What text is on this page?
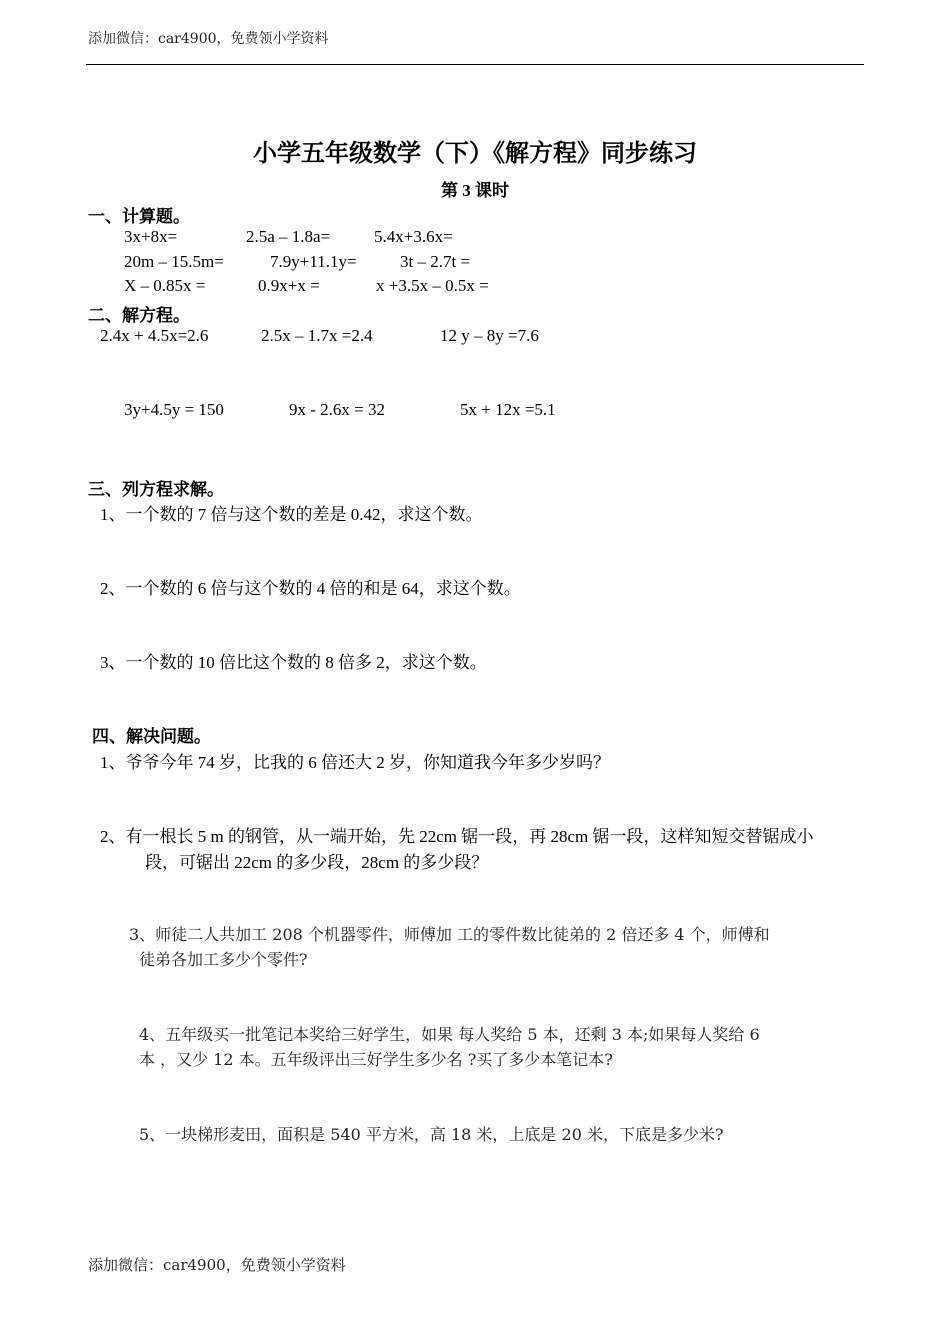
添加微信：car4900，免费领小学资料
小学五年级数学（下）《解方程》同步练习
第 3 课时
一、计算题。
3x+8x=	2.5a – 1.8a=	5.4x+3.6x=
20m – 15.5m=	7.9y+11.1y=	3t – 2.7t =
X – 0.85x =	0.9x+x =	x +3.5x – 0.5x =
二、解方程。
2.4x + 4.5x=2.6	2.5x – 1.7x =2.4	12 y – 8y =7.6
3y+4.5y = 150	9x - 2.6x = 32	5x + 12x =5.1
三、列方程求解。
1、一个数的 7 倍与这个数的差是 0.42，求这个数。
2、一个数的 6 倍与这个数的 4 倍的和是 64，求这个数。
3、一个数的 10 倍比这个数的 8 倍多 2，求这个数。
四、解决问题。
1、爷爷今年 74 岁，比我的 6 倍还大 2 岁，你知道我今年多少岁吗？
2、有一根长 5 m 的钢管，从一端开始，先 22cm 锯一段，再 28cm 锯一段，这样知短交替锯成小
段，可锯出 22cm 的多少段，28cm 的多少段？
3、师徒二人共加工 208 个机器零件，师傅加 工的零件数比徒弟的 2 倍还多 4 个，师傅和
徒弟各加工多少个零件?
4、五年级买一批笔记本奖给三好学生，如果 每人奖给 5 本，还剩 3 本;如果每人奖给 6
本 ，又少 12 本。五年级评出三好学生多少名 ?买了多少本笔记本?
5、一块梯形麦田，面积是 540 平方米，高 18 米，上底是 20 米，下底是多少米?
添加微信：car4900，免费领小学资料
